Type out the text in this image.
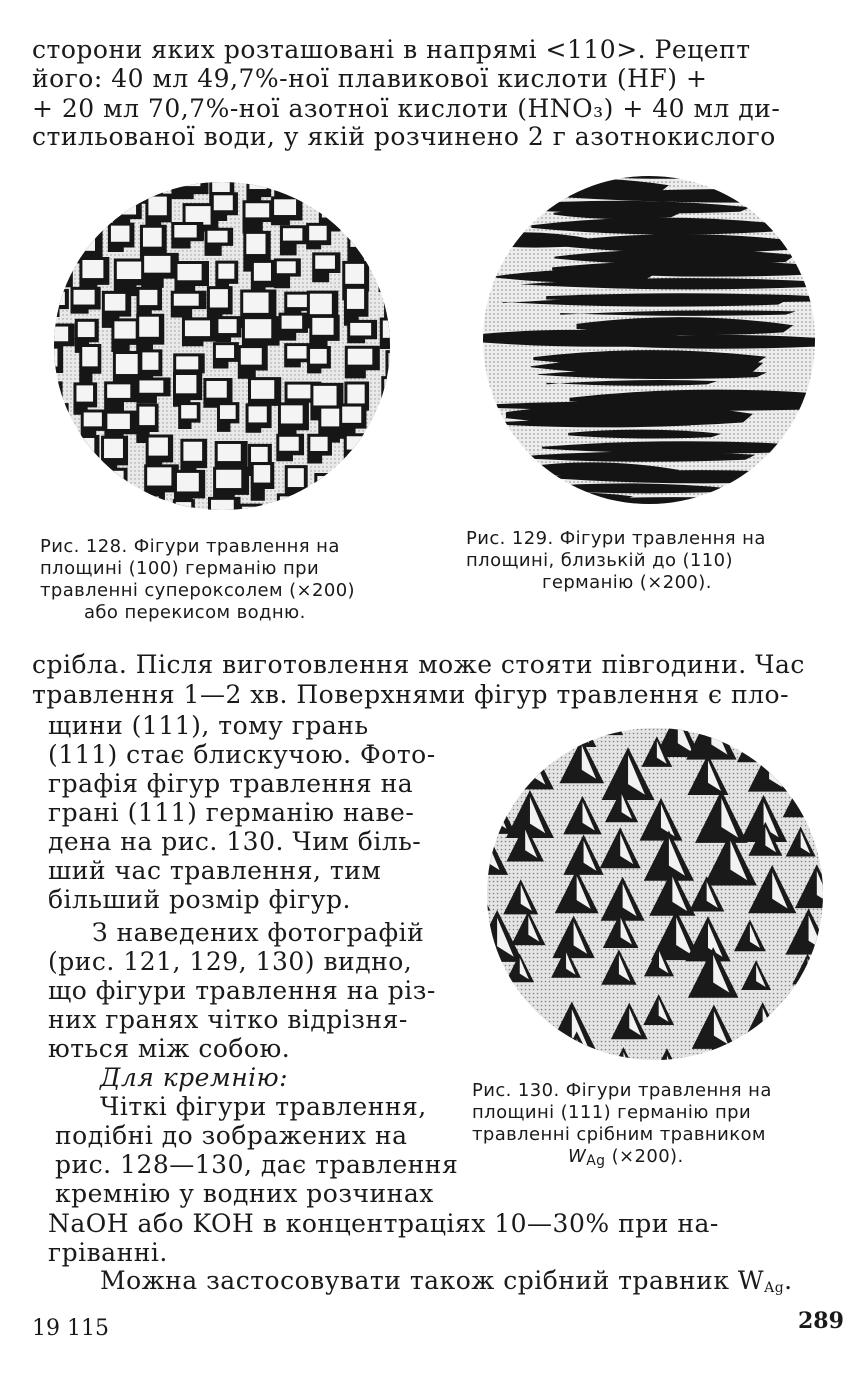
сторони яких розташовані в напрямі <110>. Рецепт
його: 40 мл 49,7%-ної плавикової кислоти (HF) +
+ 20 мл 70,7%-ної азотної кислоти (HNO₃) + 40 мл ди-
стильованої води, у якій розчинено 2 г азотнокислого
Рис. 128. Фігури травлення на
площині (100) германію при
травленні супероксолем (×200)
або перекисом водню.
Рис. 129. Фігури травлення на
площині, близькій до (110)
германію (×200).
срібла. Після виготовлення може стояти півгодини. Час
травлення 1—2 хв. Поверхнями фігур травлення є пло-
щини (111), тому грань
(111) стає блискучою. Фото-
графія фігур травлення на
грані (111) германію наве-
дена на рис. 130. Чим біль-
ший час травлення, тим
більший розмір фігур.
З наведених фотографій
(рис. 121, 129, 130) видно,
що фігури травлення на різ-
них гранях чітко відрізня-
ються між собою.
Для кремнію:
Чіткі фігури травлення,
подібні до зображених на
рис. 128—130, дає травлення
кремнію у водних розчинах
Рис. 130. Фігури травлення на
площині (111) германію при
травленні срібним травником
$W_{Ag}$ (×200).
NaOH або KOH в концентраціях 10—30% при на-
гріванні.
Можна застосовувати також срібний травник $W_{Ag}$.
19 115	289
